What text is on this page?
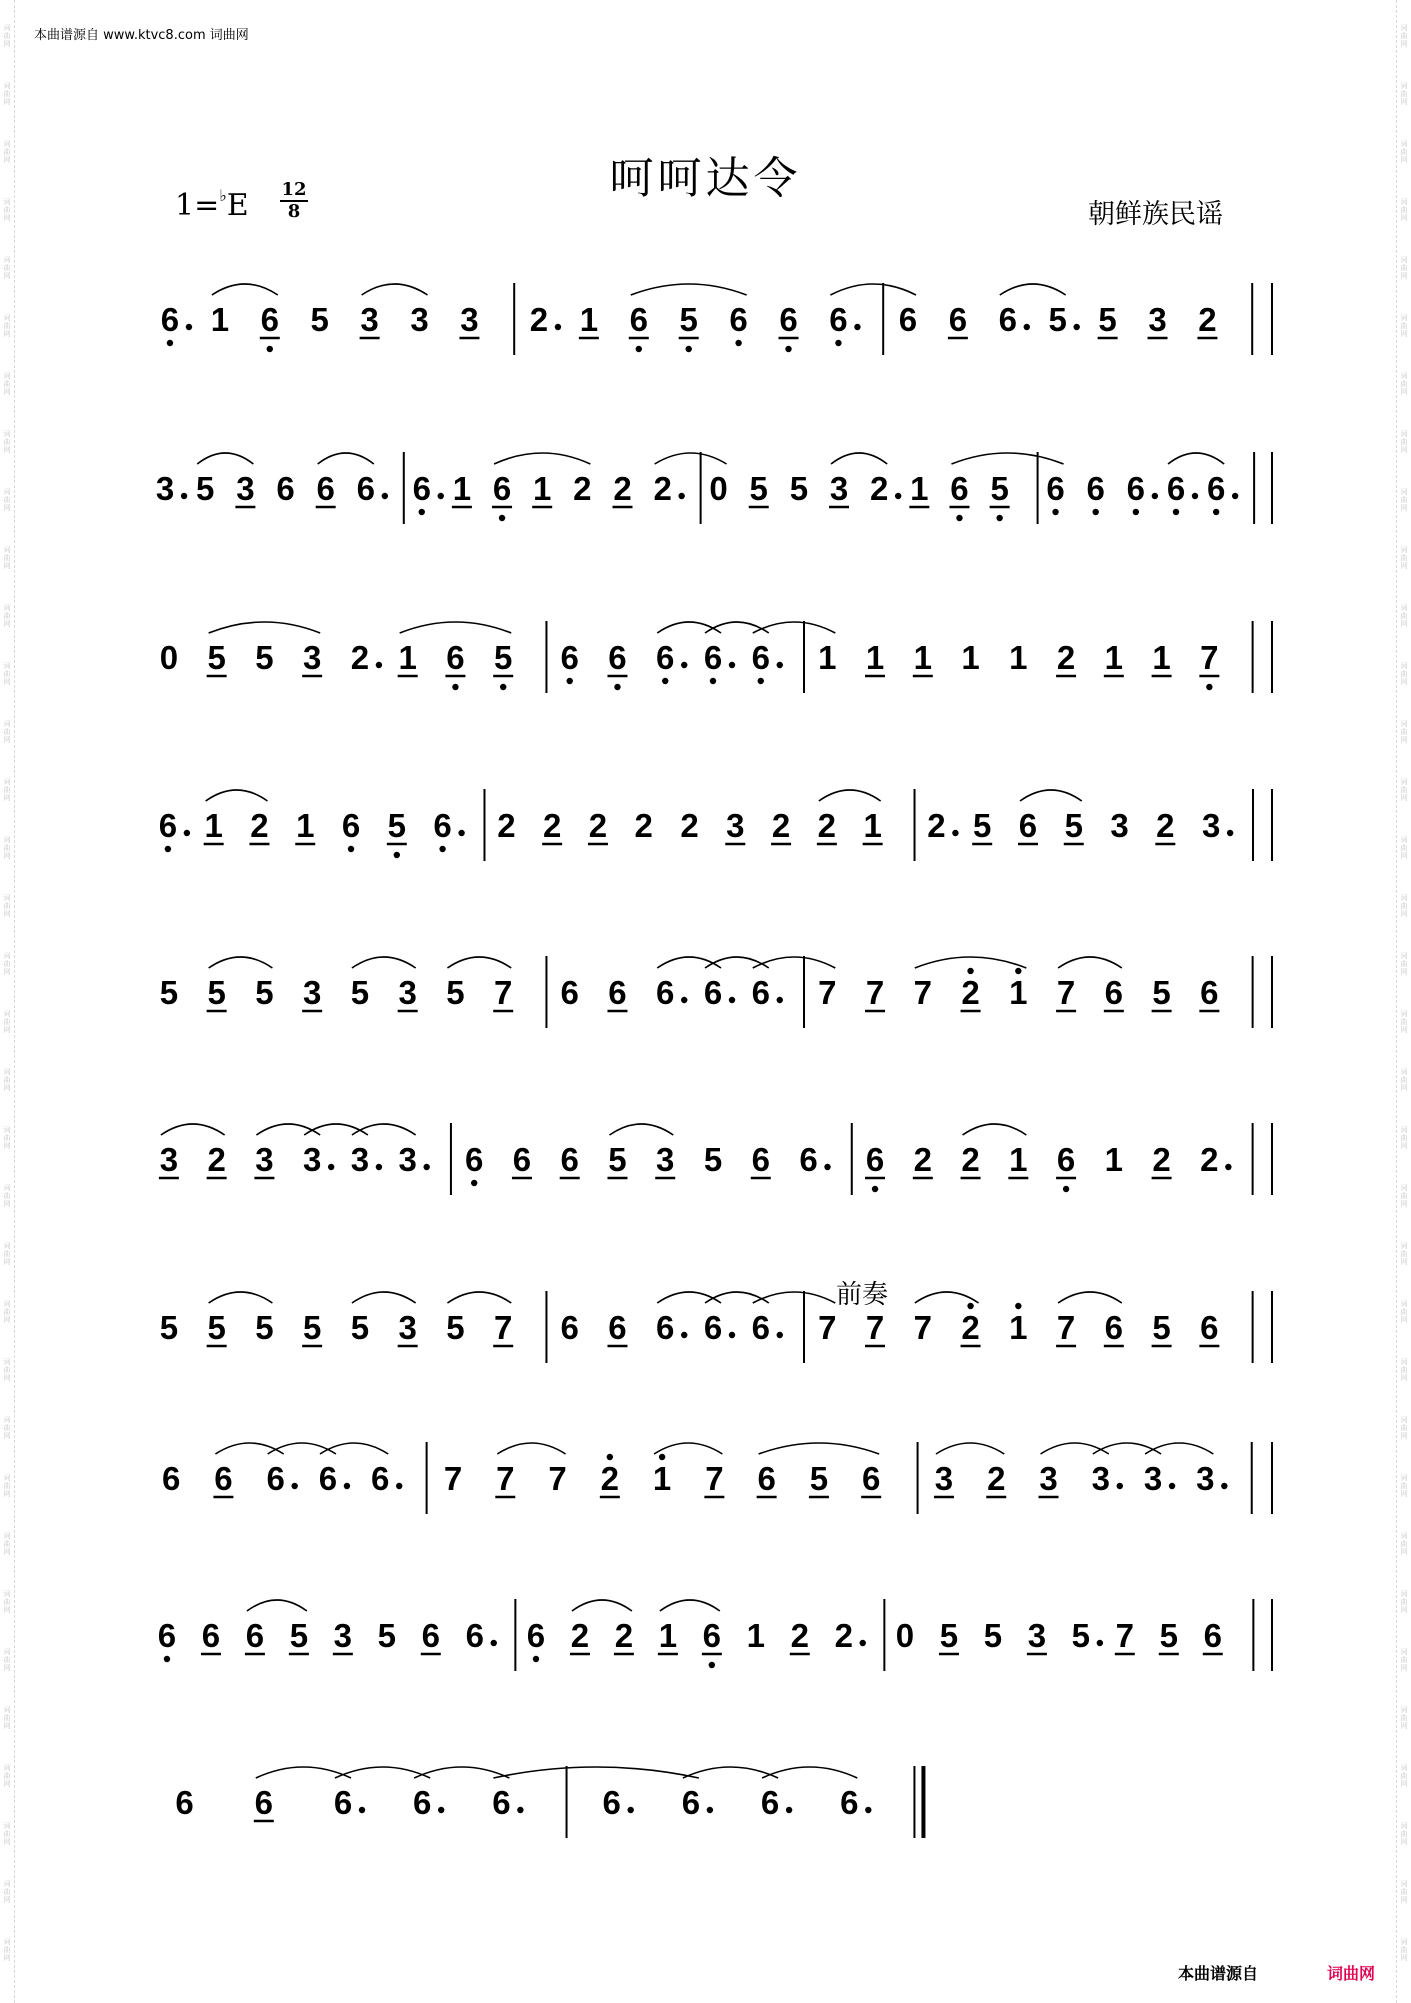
词
曲
网
词
曲
网
词
曲
网
词
曲
网
词
曲
网
词
曲
网
词
曲
网
词
曲
网
词
曲
网
词
曲
网
词
曲
网
词
曲
网
词
曲
网
词
曲
网
词
曲
网
词
曲
网
词
曲
网
词
曲
网
词
曲
网
词
曲
网
词
曲
网
词
曲
网
词
曲
网
词
曲
网
词
曲
网
词
曲
网
词
曲
网
词
曲
网
词
曲
网
词
曲
网
词
曲
网
词
曲
网
词
曲
网
词
曲
网
词
曲
网
词
曲
网
词
曲
网
词
曲
网
词
曲
网
词
曲
网
词
曲
网
词
曲
网
词
曲
网
词
曲
网
词
曲
网
词
曲
网
词
曲
网
词
曲
网
词
曲
网
词
曲
网
词
曲
网
词
曲
网
词
曲
网
词
曲
网
词
曲
网
词
曲
网
词
曲
网
词
曲
网
词
曲
网
词
曲
网
词
曲
网
词
曲
网
词
曲
网
词
曲
网
词
曲
网
词
曲
网
词
曲
网
词
曲
网
本曲谱源自 www.ktvc8.com 词曲网
呵呵达令
$1=^♭E \frac{12}{8}$	朝鲜族民谣
前奏
6 1 6 5 3 3 3 2 1 6 5 6 6 6 6 6 6 5 5 3 2
3 5 3 6 6 6 6 1 6 1 2 2 2 0 5 5 3 2 1 6 5 6 6 6 6 6
0 5 5 3 2 1 6 5 6 6 6 6 6 1 1 1 1 1 2 1 1 7
6 1 2 1 6 5 6 2 2 2 2 2 3 2 2 1 2 5 6 5 3 2 3
5 5 5 3 5 3 5 7 6 6 6 6 6 7 7 7 2 1 7 6 5 6
3 2 3 3 3 3 6 6 6 5 3 5 6 6 6 2 2 1 6 1 2 2
5 5 5 5 5 3 5 7 6 6 6 6 6 7 7 7 2 1 7 6 5 6
6 6 6 6 6 7 7 7 2 1 7 6 5 6 3 2 3 3 3 3
6 6 6 5 3 5 6 6 6 2 2 1 6 1 2 2 0 5 5 3 5 7 5 6
6 6 6 6 6	6 6 6 6
本曲谱源自	词曲网
